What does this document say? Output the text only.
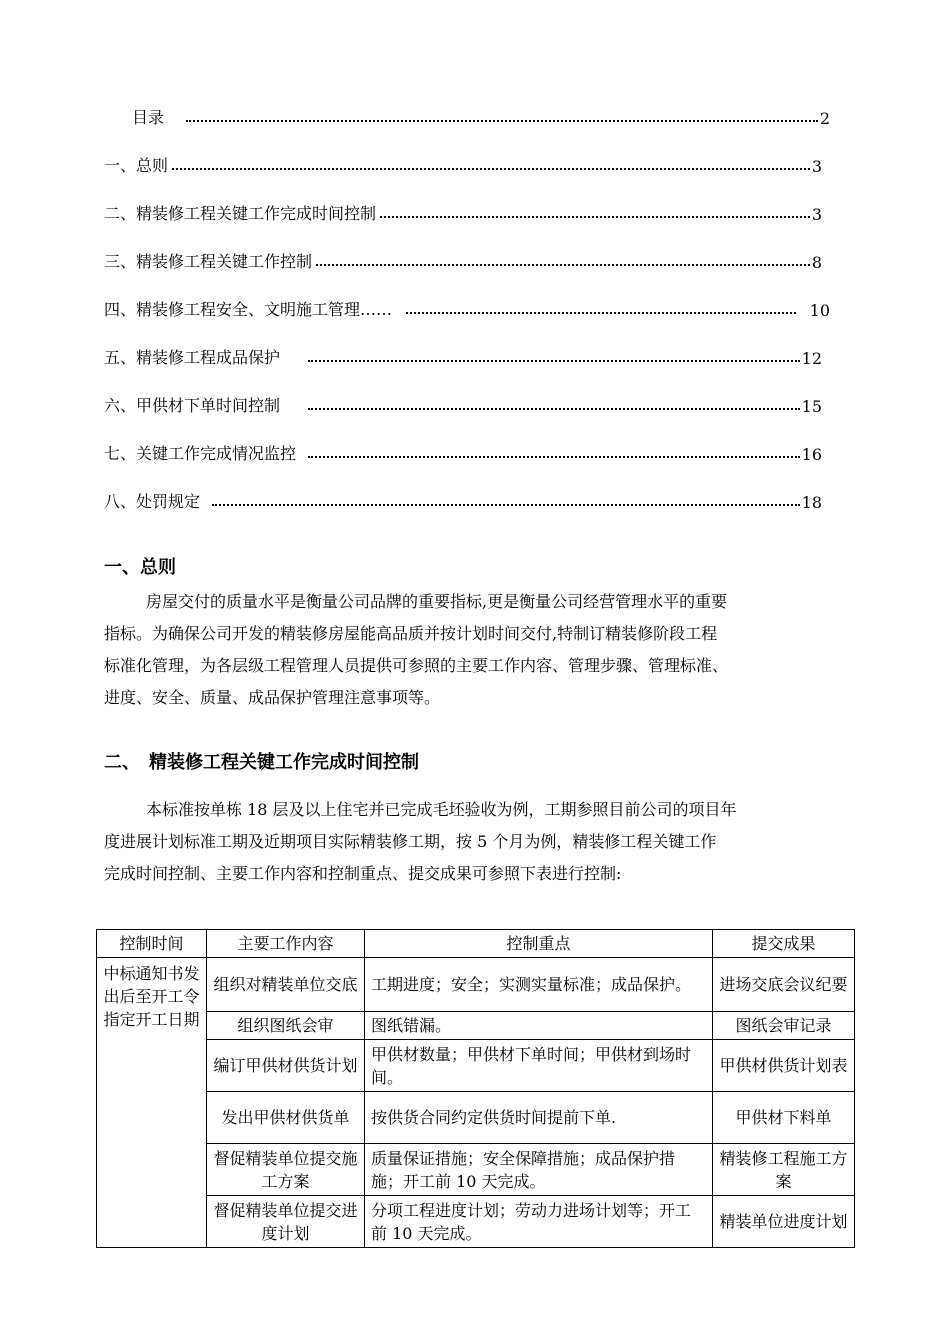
目录	2
一、总则	3
二、精装修工程关键工作完成时间控制	3
三、精装修工程关键工作控制	8
四、精装修工程安全、文明施工管理……	10
五、精装修工程成品保护	12
六、甲供材下单时间控制	15
七、关键工作完成情况监控	16
八、处罚规定	18
一、总则
房屋交付的质量水平是衡量公司品牌的重要指标,更是衡量公司经营管理水平的重要
指标。为确保公司开发的精装修房屋能高品质并按计划时间交付,特制订精装修阶段工程
标准化管理，为各层级工程管理人员提供可参照的主要工作内容、管理步骤、管理标准、
进度、安全、质量、成品保护管理注意事项等。
二、　精装修工程关键工作完成时间控制
本标准按单栋 18 层及以上住宅并已完成毛坯验收为例，工期参照目前公司的项目年
度进展计划标准工期及近期项目实际精装修工期，按 5 个月为例，精装修工程关键工作
完成时间控制、主要工作内容和控制重点、提交成果可参照下表进行控制:
控制时间	主要工作内容	控制重点	提交成果
中标通知书发出后至开工令指定开工日期	组织对精装单位交底	工期进度；安全；实测实量标准；成品保护。	进场交底会议纪要
	组织图纸会审	图纸错漏。	图纸会审记录
	编订甲供材供货计划	甲供材数量；甲供材下单时间；甲供材到场时间。	甲供材供货计划表
	发出甲供材供货单	按供货合同约定供货时间提前下单.	甲供材下料单
	督促精装单位提交施工方案	质量保证措施；安全保障措施；成品保护措施；开工前 10 天完成。	精装修工程施工方案
	督促精装单位提交进度计划	分项工程进度计划；劳动力进场计划等；开工前 10 天完成。	精装单位进度计划
